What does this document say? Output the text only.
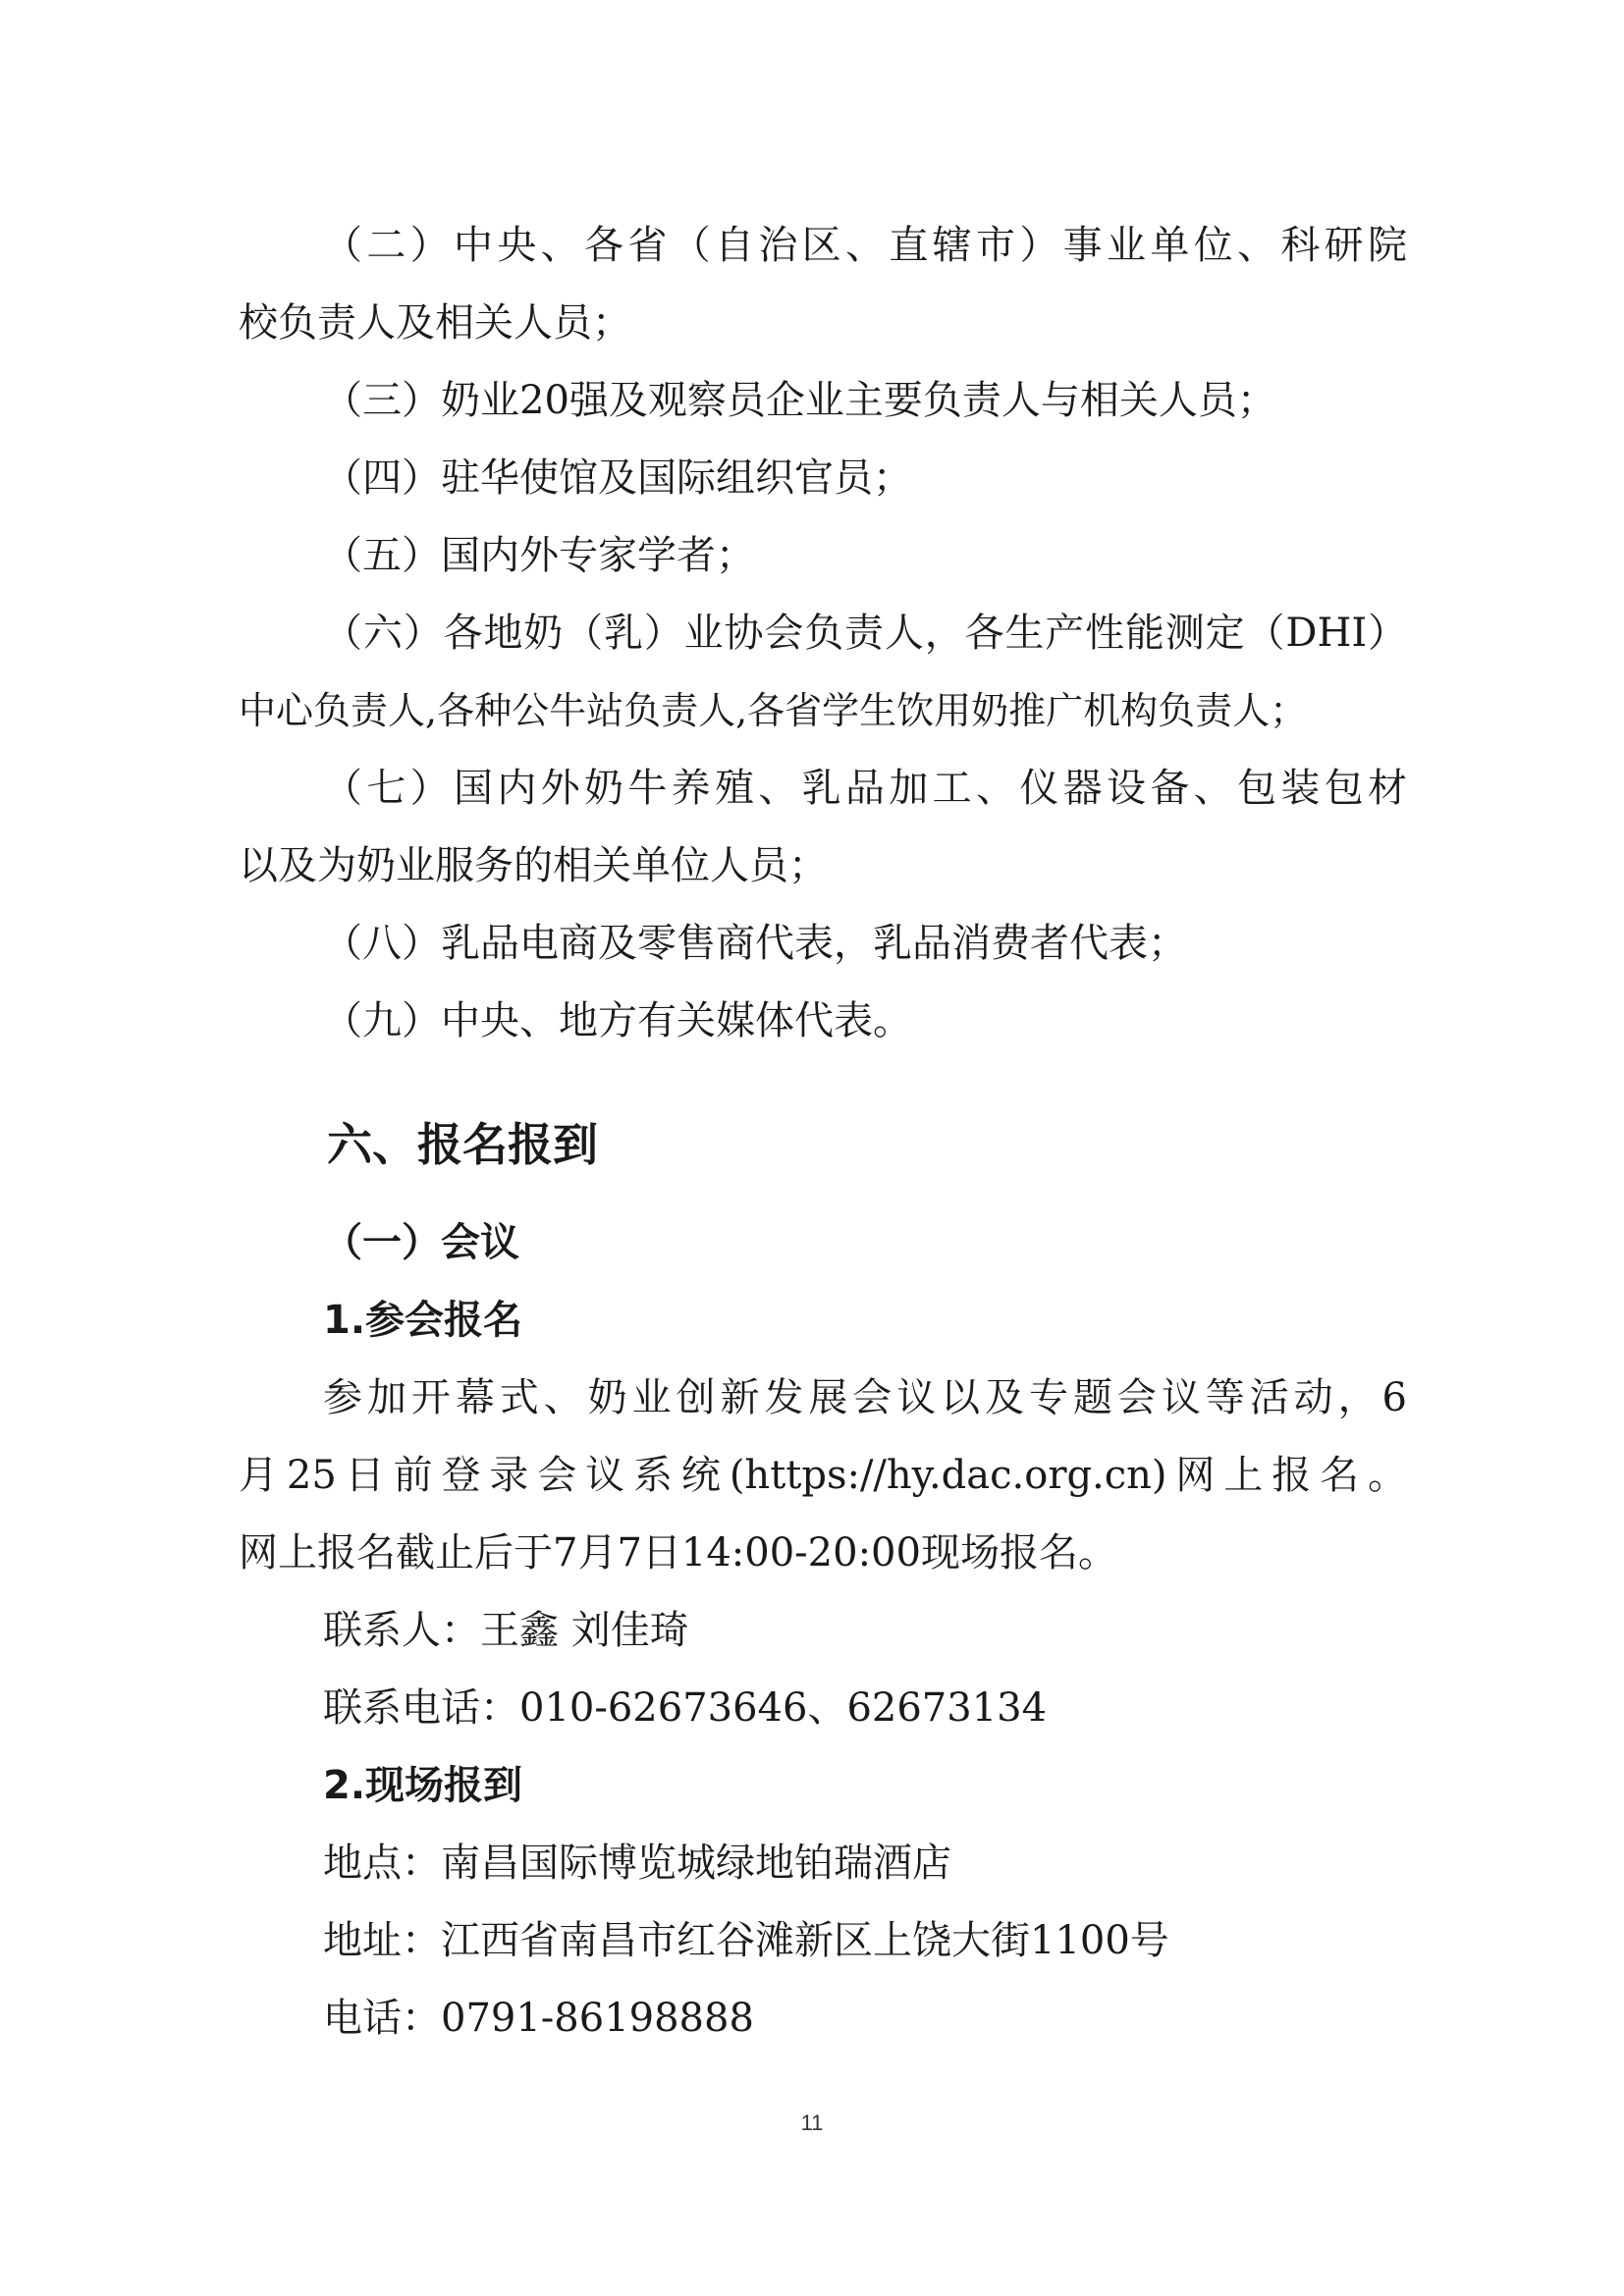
（二）中央、各省（自治区、直辖市）事业单位、科研院
校负责人及相关人员；
（三）奶业20强及观察员企业主要负责人与相关人员；
（四）驻华使馆及国际组织官员；
（五）国内外专家学者；
（六）各地奶（乳）业协会负责人，各生产性能测定（DHI）
中心负责人,各种公牛站负责人,各省学生饮用奶推广机构负责人；
（七）国内外奶牛养殖、乳品加工、仪器设备、包装包材
以及为奶业服务的相关单位人员；
（八）乳品电商及零售商代表，乳品消费者代表；
（九）中央、地方有关媒体代表。
六、报名报到
（一）会议
1.参会报名
参加开幕式、奶业创新发展会议以及专题会议等活动，6
月25日前登录会议系统(https://hy.dac.org.cn)网上报名。
网上报名截止后于7月7日14:00-20:00现场报名。
联系人：王鑫 刘佳琦
联系电话：010-62673646、62673134
2.现场报到
地点：南昌国际博览城绿地铂瑞酒店
地址：江西省南昌市红谷滩新区上饶大街1100号
电话：0791-86198888
11
